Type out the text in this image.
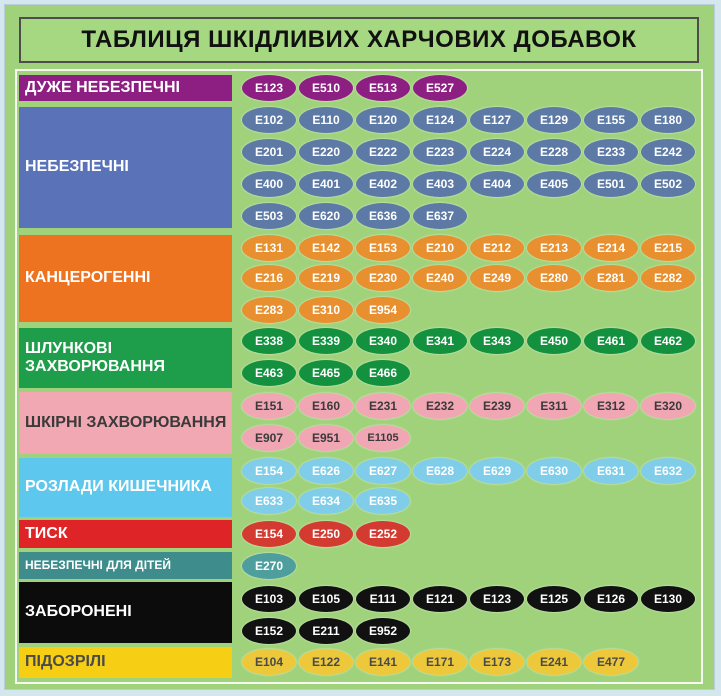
ТАБЛИЦЯ ШКІДЛИВИХ ХАРЧОВИХ ДОБАВОК
ДУЖЕ НЕБЕЗПЕЧНІ	E123	E510	E513	E527
НЕБЕЗПЕЧНІ
E102	E110	E120	E124	E127	E129	E155	E180
E201	E220	E222	E223	E224	E228	E233	E242
E400	E401	E402	E403	E404	E405	E501	E502
E503	E620	E636	E637
КАНЦЕРОГЕННІ
E131	E142	E153	E210	E212	E213	E214	E215
E216	E219	E230	E240	E249	E280	E281	E282
E283	E310	E954
ШЛУНКОВІ ЗАХВОРЮВАННЯ
E338	E339	E340	E341	E343	E450	E461	E462
E463	E465	E466
ШКІРНІ ЗАХВОРЮВАННЯ
E151	E160	E231	E232	E239	E311	E312	E320
E907	E951	E1105
РОЗЛАДИ КИШЕЧНИКА
E154	E626	E627	E628	E629	E630	E631	E632
E633	E634	E635
ТИСК	E154	E250	E252
НЕБЕЗПЕЧНІ ДЛЯ ДІТЕЙ	E270
ЗАБОРОНЕНІ
E103	E105	E111	E121	E123	E125	E126	E130
E152	E211	E952
ПІДОЗРІЛІ	E104	E122	E141	E171	E173	E241	E477
